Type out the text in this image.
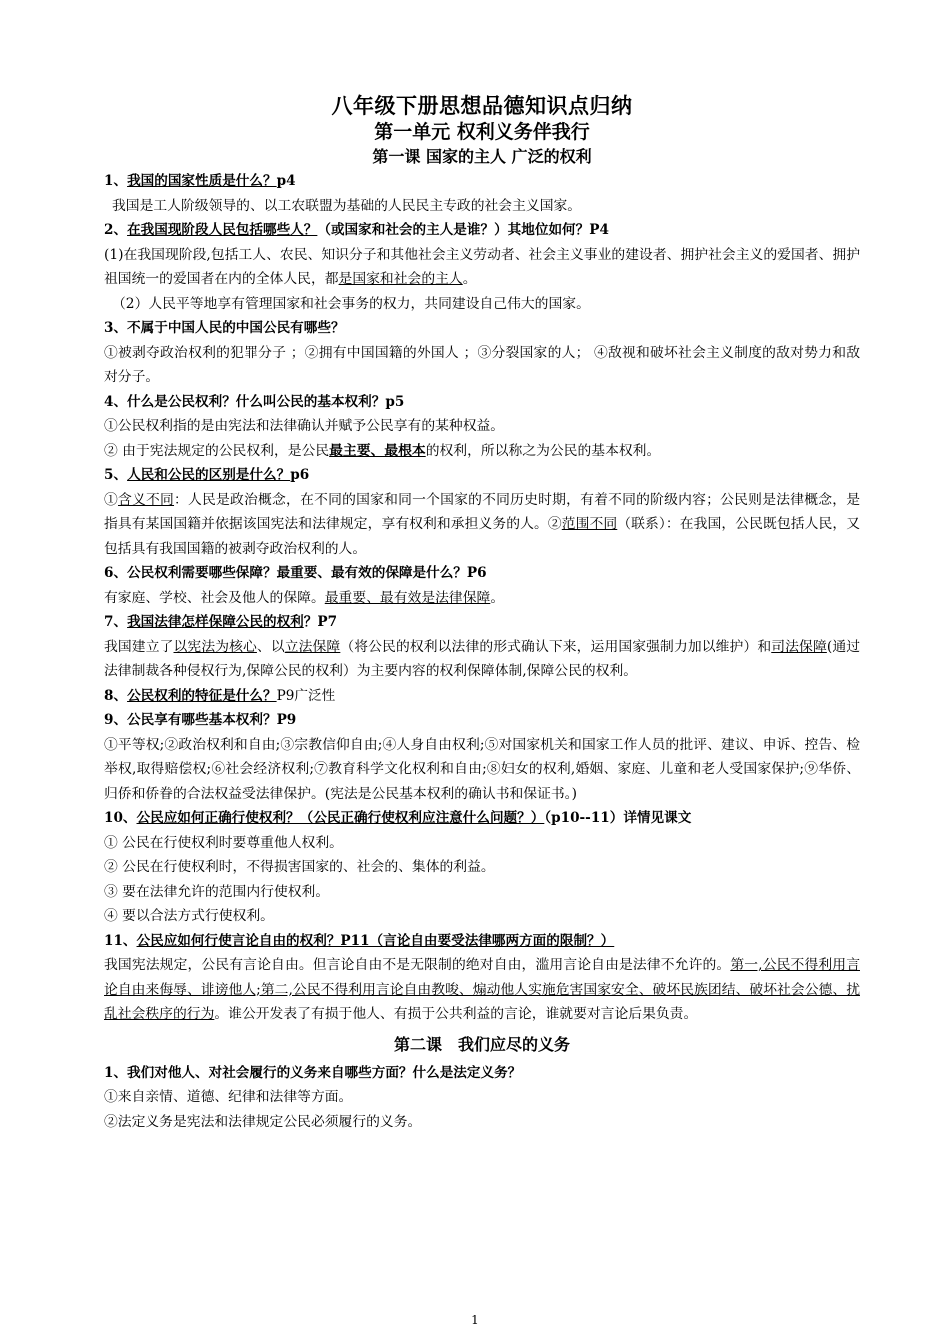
八年级下册思想品德知识点归纳
第一单元 权利义务伴我行
第一课 国家的主人 广泛的权利
1、我国的国家性质是什么？p4
我国是工人阶级领导的、以工农联盟为基础的人民民主专政的社会主义国家。
2、在我国现阶段人民包括哪些人？（或国家和社会的主人是谁？）其地位如何？P4
(1)在我国现阶段,包括工人、农民、知识分子和其他社会主义劳动者、社会主义事业的建设者、拥护社会主义的爱国者、拥护祖国统一的爱国者在内的全体人民，都是国家和社会的主人。
（2）人民平等地享有管理国家和社会事务的权力，共同建设自己伟大的国家。
3、不属于中国人民的中国公民有哪些？
①被剥夺政治权利的犯罪分子 ；②拥有中国国籍的外国人 ；③分裂国家的人； ④敌视和破坏社会主义制度的敌对势力和敌对分子。
4、什么是公民权利？什么叫公民的基本权利？p5
①公民权利指的是由宪法和法律确认并赋予公民享有的某种权益。
② 由于宪法规定的公民权利，是公民最主要、最根本的权利，所以称之为公民的基本权利。
5、人民和公民的区别是什么？p6
①含义不同：人民是政治概念，在不同的国家和同一个国家的不同历史时期，有着不同的阶级内容；公民则是法律概念，是指具有某国国籍并依据该国宪法和法律规定，享有权利和承担义务的人。②范围不同（联系）：在我国，公民既包括人民，又包括具有我国国籍的被剥夺政治权利的人。
6、公民权利需要哪些保障？最重要、最有效的保障是什么？P6
有家庭、学校、社会及他人的保障。最重要、最有效是法律保障。
7、我国法律怎样保障公民的权利？P7
我国建立了以宪法为核心、以立法保障（将公民的权利以法律的形式确认下来，运用国家强制力加以维护）和司法保障(通过法律制裁各种侵权行为,保障公民的权利）为主要内容的权利保障体制,保障公民的权利。
8、公民权利的特征是什么？P9广泛性
9、公民享有哪些基本权利？P9
①平等权;②政治权利和自由;③宗教信仰自由;④人身自由权利;⑤对国家机关和国家工作人员的批评、建议、申诉、控告、检举权,取得赔偿权;⑥社会经济权利;⑦教育科学文化权利和自由;⑧妇女的权利,婚姻、家庭、儿童和老人受国家保护;⑨华侨、归侨和侨眷的合法权益受法律保护。(宪法是公民基本权利的确认书和保证书。)
10、公民应如何正确行使权利？（公民正确行使权利应注意什么问题？）（p10--11）详情见课文
① 公民在行使权利时要尊重他人权利。
② 公民在行使权利时，不得损害国家的、社会的、集体的利益。
③ 要在法律允许的范围内行使权利。
④ 要以合法方式行使权利。
11、公民应如何行使言论自由的权利？P11（言论自由要受法律哪两方面的限制？）
我国宪法规定，公民有言论自由。但言论自由不是无限制的绝对自由，滥用言论自由是法律不允许的。第一,公民不得利用言论自由来侮辱、诽谤他人;第二,公民不得利用言论自由教唆、煽动他人实施危害国家安全、破坏民族团结、破坏社会公德、扰乱社会秩序的行为。谁公开发表了有损于他人、有损于公共利益的言论，谁就要对言论后果负责。
第二课　我们应尽的义务
1、我们对他人、对社会履行的义务来自哪些方面？什么是法定义务？
①来自亲情、道德、纪律和法律等方面。
②法定义务是宪法和法律规定公民必须履行的义务。
1
